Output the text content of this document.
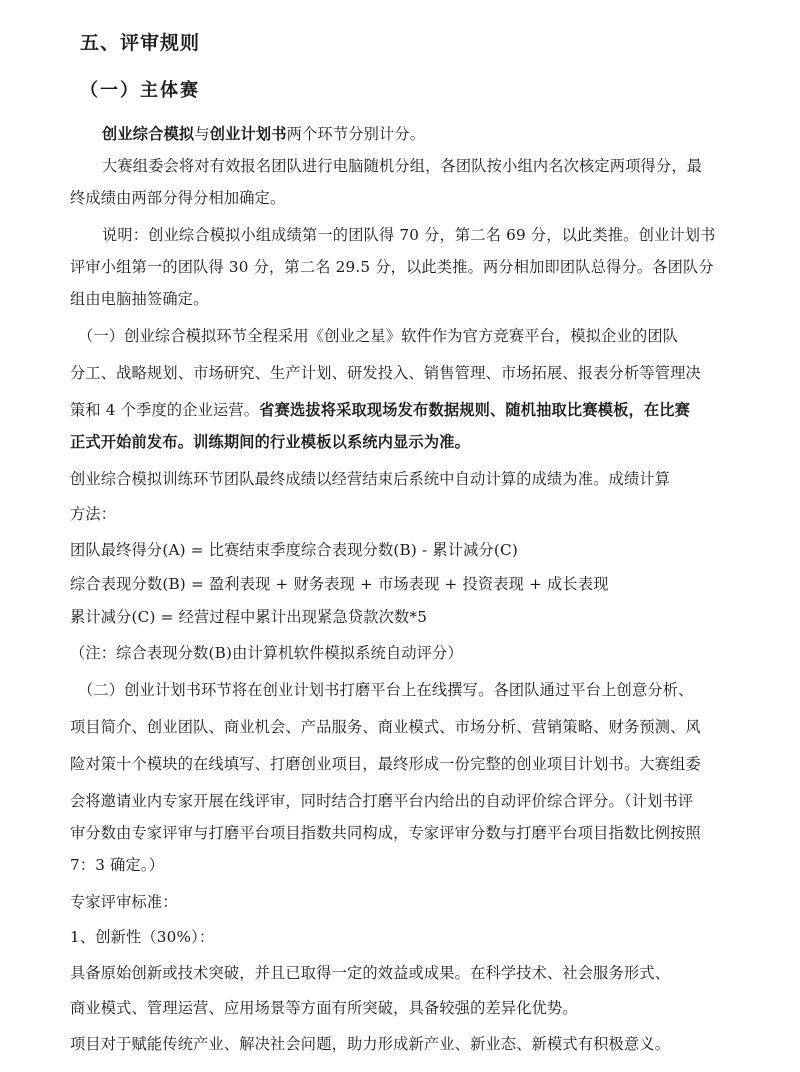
五、评审规则
（一）主体赛
创业综合模拟与创业计划书两个环节分别计分。
大赛组委会将对有效报名团队进行电脑随机分组，各团队按小组内名次核定两项得分，最
终成绩由两部分得分相加确定。
说明：创业综合模拟小组成绩第一的团队得 70 分，第二名 69 分，以此类推。创业计划书
评审小组第一的团队得 30 分，第二名 29.5 分，以此类推。两分相加即团队总得分。各团队分
组由电脑抽签确定。
（一）创业综合模拟环节全程采用《创业之星》软件作为官方竞赛平台，模拟企业的团队
分工、战略规划、市场研究、生产计划、研发投入、销售管理、市场拓展、报表分析等管理决
策和 4 个季度的企业运营。省赛选拔将采取现场发布数据规则、随机抽取比赛模板，在比赛
正式开始前发布。训练期间的行业模板以系统内显示为准。
创业综合模拟训练环节团队最终成绩以经营结束后系统中自动计算的成绩为准。成绩计算
方法：
团队最终得分(A) = 比赛结束季度综合表现分数(B) - 累计减分(C)
综合表现分数(B) = 盈利表现 + 财务表现 + 市场表现 + 投资表现 + 成长表现
累计减分(C) = 经营过程中累计出现紧急贷款次数*5
（注：综合表现分数(B)由计算机软件模拟系统自动评分）
（二）创业计划书环节将在创业计划书打磨平台上在线撰写。各团队通过平台上创意分析、
项目简介、创业团队、商业机会、产品服务、商业模式、市场分析、营销策略、财务预测、风
险对策十个模块的在线填写、打磨创业项目，最终形成一份完整的创业项目计划书。大赛组委
会将邀请业内专家开展在线评审，同时结合打磨平台内给出的自动评价综合评分。（计划书评
审分数由专家评审与打磨平台项目指数共同构成，专家评审分数与打磨平台项目指数比例按照
7：3 确定。）
专家评审标准：
1、创新性（30%）：
具备原始创新或技术突破，并且已取得一定的效益或成果。在科学技术、社会服务形式、
商业模式、管理运营、应用场景等方面有所突破，具备较强的差异化优势。
项目对于赋能传统产业、解决社会问题，助力形成新产业、新业态、新模式有积极意义。
